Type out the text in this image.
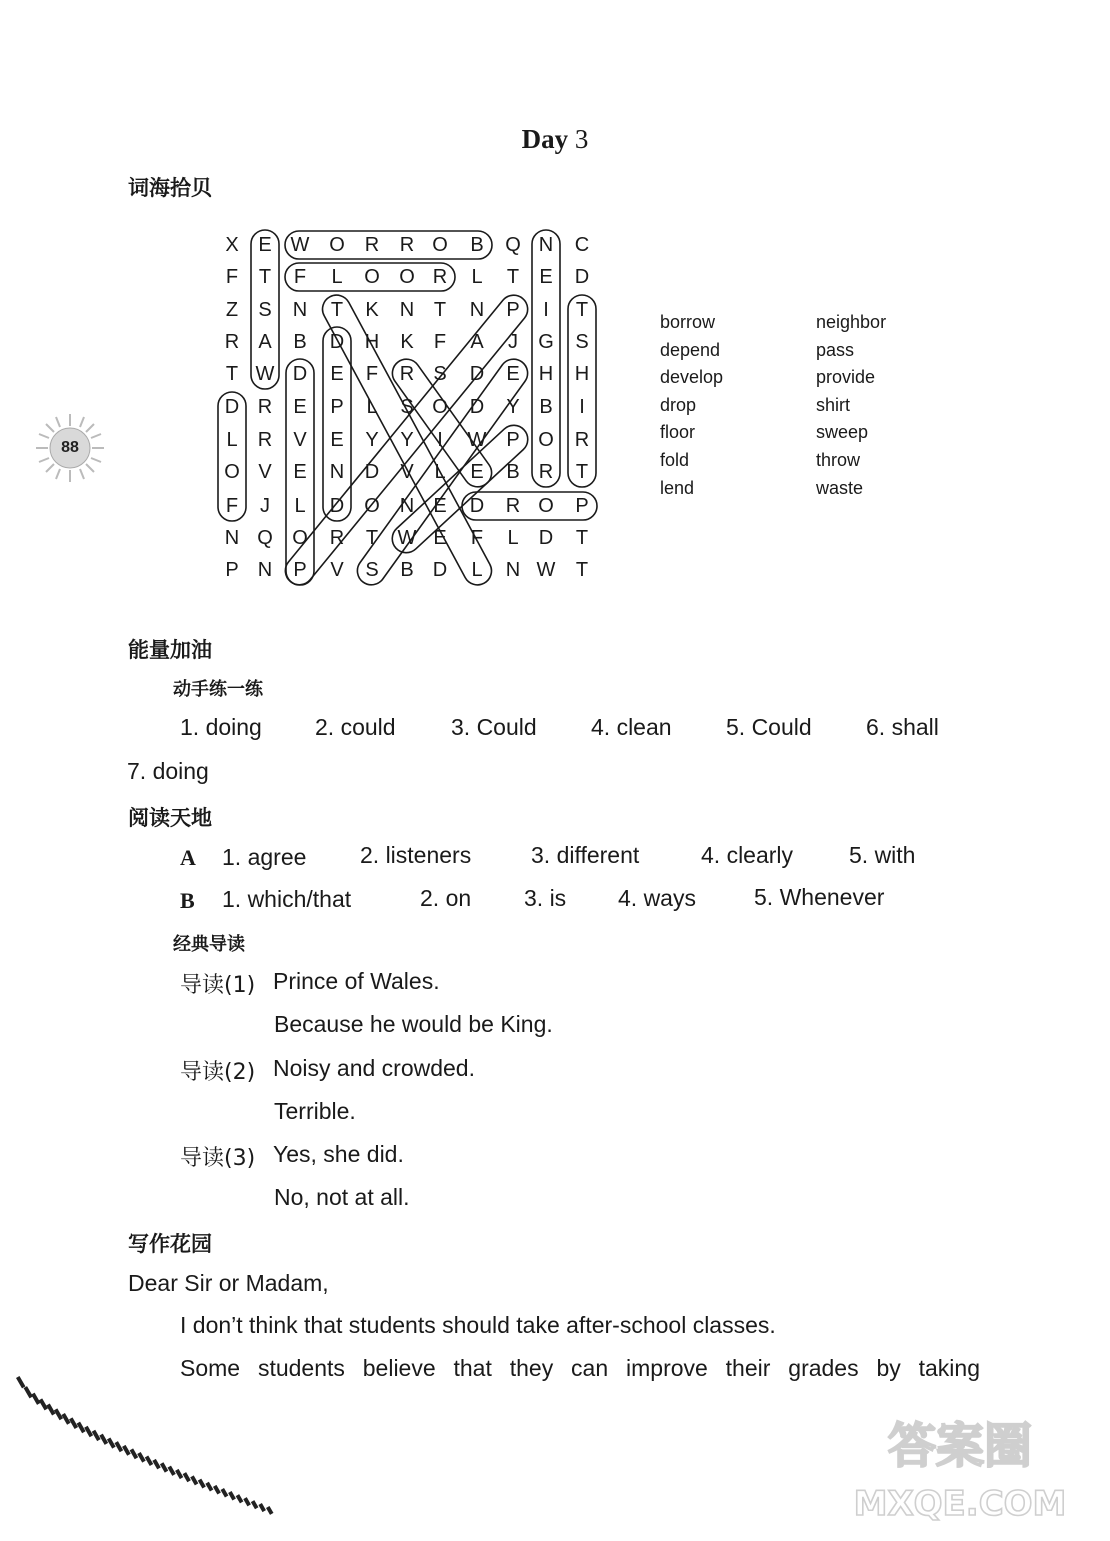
Day 3
88
词海拾贝
X E W O R	R O	B	Q N	C
F	T	F	L	O O R	L	T	E	D
Z	S	N	T	K	N T	N	P	I	T
R A	B	D	H	K	F	A	J	G	S
T W D	E	F	R S	D	E H	H
D R	E	P	L	S O	D	Y B	I
L	R	V	E	Y	Y	I	W P O	R
O V	E	N	D	V	L	E	B R	T
F	J	L	D	O N E	D	R O	P
N Q O	R	T W E	F	L	D	T
P N	P	V	S	B D	L	N W	T
borrow	neighbor
depend	pass
develop	provide
drop	shirt
floor	sweep
fold	throw
lend	waste
能量加油
动手练一练
1. doing 2. could 3. Could 4. clean 5. Could 6. shall
7. doing
阅读天地
A 1. agree 2. listeners	3. different	4. clearly 5. with
B 1. which/that	2. on 3. is 4. ways	5. Whenever
经典导读
导读(1) Prince of Wales.
Because he would be King.
导读(2) Noisy and crowded.
Terrible.
导读(3) Yes, she did.
No, not at all.
写作花园
Dear Sir or Madam,
I don’t think that students should take after-school classes.
Some students believe that they can improve their grades by taking
答案圈
MXQE.COM
